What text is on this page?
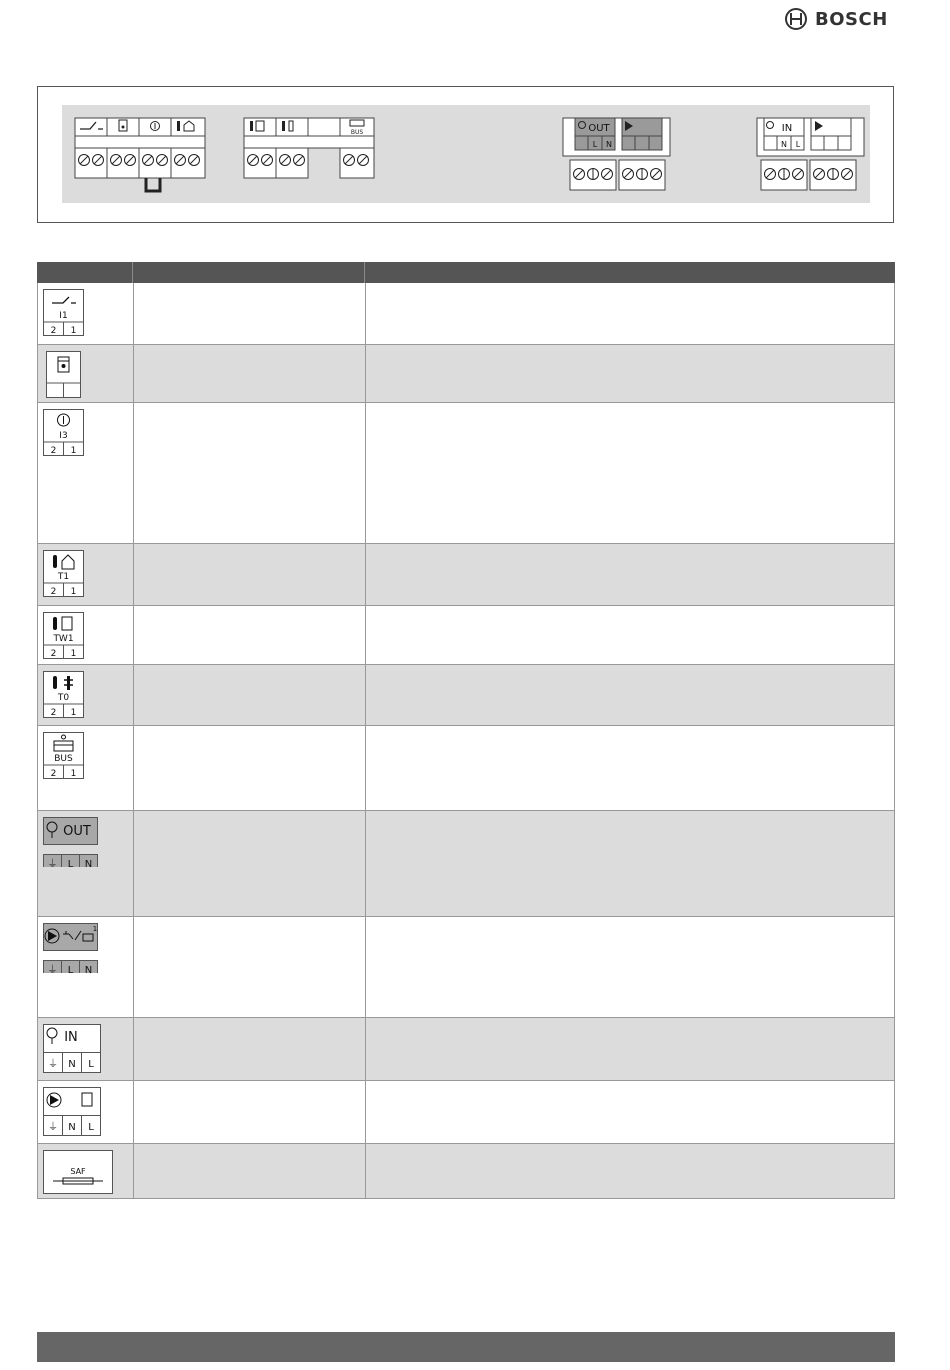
BOSCH
BUS	OUT
L N
IN
N L
I1
2 1
I3
2 1
T1
2 1
TW1
2 1
T0
2 1
BUS
2 1
OUT
⏚ L N
1
⏚ L N
IN
⏚ N L
⏚ N L
SAF
